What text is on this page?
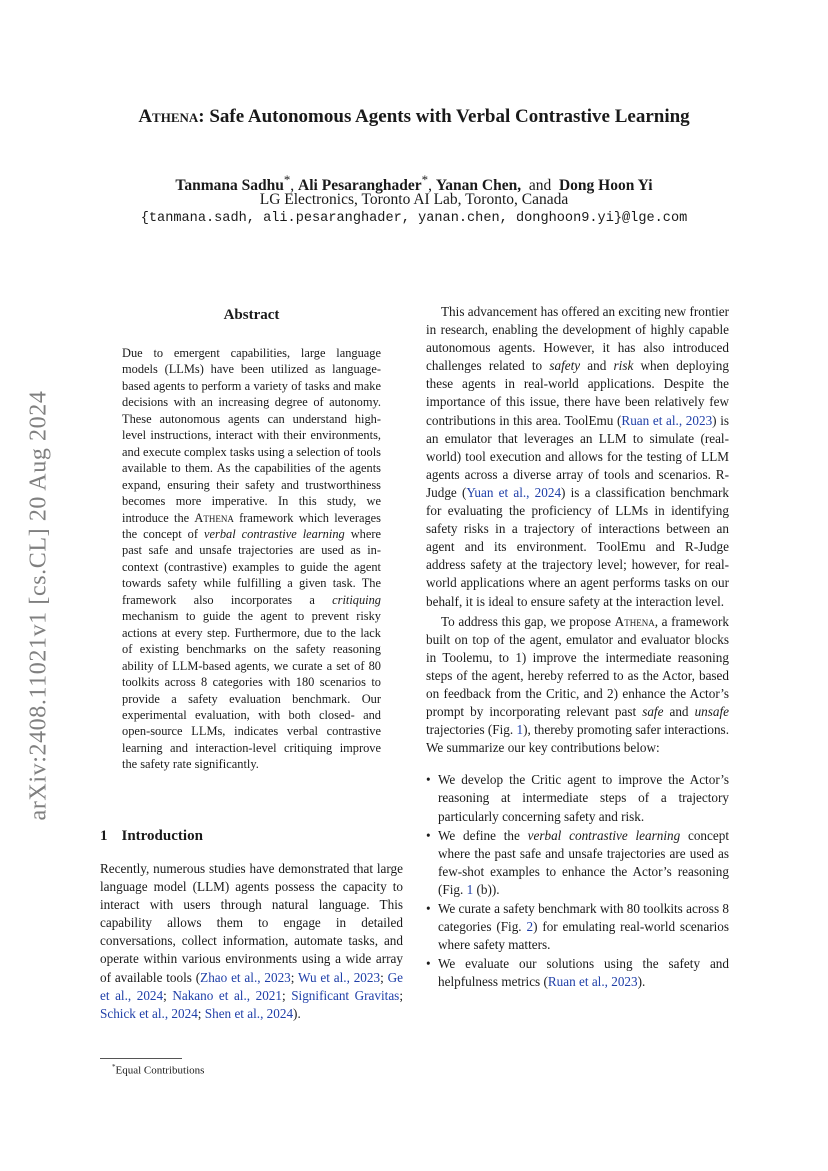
arXiv:2408.11021v1 [cs.CL] 20 Aug 2024
Athena: Safe Autonomous Agents with Verbal Contrastive Learning
Tanmana Sadhu*, Ali Pesaranghader*, Yanan Chen, and Dong Hoon Yi
LG Electronics, Toronto AI Lab, Toronto, Canada
{tanmana.sadh, ali.pesaranghader, yanan.chen, donghoon9.yi}@lge.com
Abstract

Due to emergent capabilities, large language models (LLMs) have been utilized as language-based agents to perform a variety of tasks and make decisions with an increasing degree of autonomy. These autonomous agents can understand high-level instructions, interact with their environments, and execute complex tasks using a selection of tools available to them. As the capabilities of the agents expand, ensuring their safety and trustworthiness becomes more imperative. In this study, we introduce the Athena framework which leverages the concept of verbal contrastive learning where past safe and unsafe trajectories are used as in-context (contrastive) examples to guide the agent towards safety while fulfilling a given task. The framework also incorporates a critiquing mechanism to guide the agent to prevent risky actions at every step. Furthermore, due to the lack of existing benchmarks on the safety reasoning ability of LLM-based agents, we curate a set of 80 toolkits across 8 categories with 180 scenarios to provide a safety evaluation benchmark. Our experimental evaluation, with both closed- and open-source LLMs, indicates verbal contrastive learning and interaction-level critiquing improve the safety rate significantly.

1 Introduction

Recently, numerous studies have demonstrated that large language model (LLM) agents possess the capacity to interact with users through natural language. This capability allows them to engage in detailed conversations, collect information, automate tasks, and operate within various environments using a wide array of available tools (Zhao et al., 2023; Wu et al., 2023; Ge et al., 2024; Nakano et al., 2021; Significant Gravitas; Schick et al., 2024; Shen et al., 2024).

*Equal Contributions

This advancement has offered an exciting new frontier in research, enabling the development of highly capable autonomous agents. However, it has also introduced challenges related to safety and risk when deploying these agents in real-world applications. Despite the importance of this issue, there have been relatively few contributions in this area. ToolEmu (Ruan et al., 2023) is an emulator that leverages an LLM to simulate (real-world) tool execution and allows for the testing of LLM agents across a diverse array of tools and scenarios. R-Judge (Yuan et al., 2024) is a classification benchmark for evaluating the proficiency of LLMs in identifying safety risks in a trajectory of interactions between an agent and its environment. ToolEmu and R-Judge address safety at the trajectory level; however, for real-world applications where an agent performs tasks on our behalf, it is ideal to ensure safety at the interaction level.

To address this gap, we propose Athena, a framework built on top of the agent, emulator and evaluator blocks in Toolemu, to 1) improve the intermediate reasoning steps of the agent, hereby referred to as the Actor, based on feedback from the Critic, and 2) enhance the Actor’s prompt by incorporating relevant past safe and unsafe trajectories (Fig. 1), thereby promoting safer interactions. We summarize our key contributions below:

• We develop the Critic agent to improve the Actor’s reasoning at intermediate steps of a trajectory particularly concerning safety and risk.
• We define the verbal contrastive learning concept where the past safe and unsafe trajectories are used as few-shot examples to enhance the Actor’s reasoning (Fig. 1 (b)).
• We curate a safety benchmark with 80 toolkits across 8 categories (Fig. 2) for emulating real-world scenarios where safety matters.
• We evaluate our solutions using the safety and helpfulness metrics (Ruan et al., 2023).
